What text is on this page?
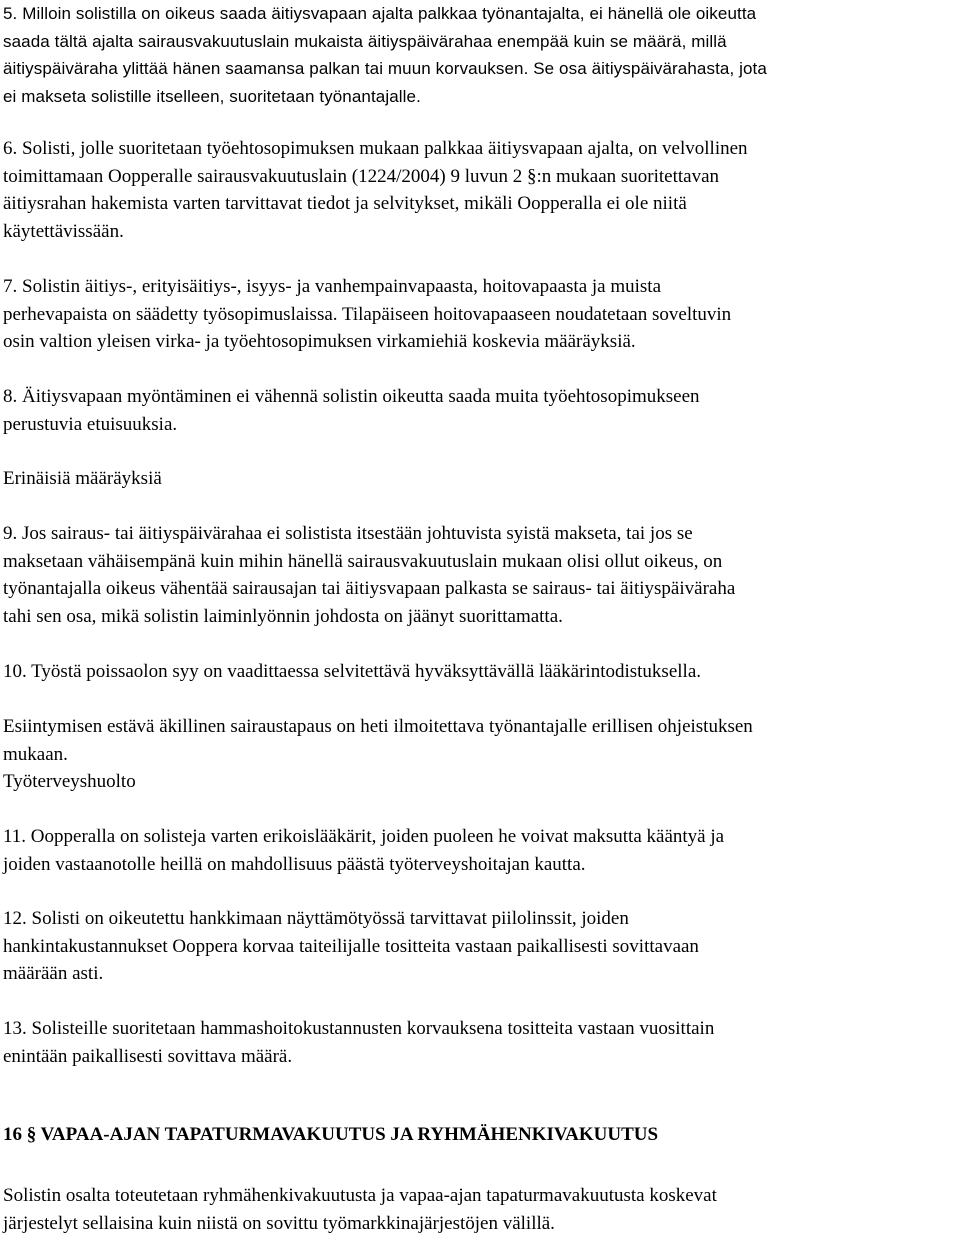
5. Milloin solistilla on oikeus saada äitiysvapaan ajalta palkkaa työnantajalta, ei hänellä ole oikeutta
saada tältä ajalta sairausvakuutuslain mukaista äitiyspäivärahaa enempää kuin se määrä, millä
äitiyspäiväraha ylittää hänen saamansa palkan tai muun korvauksen. Se osa äitiyspäivärahasta, jota
ei makseta solistille itselleen, suoritetaan työnantajalle.

6. Solisti, jolle suoritetaan työehtosopimuksen mukaan palkkaa äitiysvapaan ajalta, on velvollinen
toimittamaan Oopperalle sairausvakuutuslain (1224/2004) 9 luvun 2 §:n mukaan suoritettavan
äitiysrahan hakemista varten tarvittavat tiedot ja selvitykset, mikäli Oopperalla ei ole niitä
käytettävissään.

7. Solistin äitiys-, erityisäitiys-, isyys- ja vanhempainvapaasta, hoitovapaasta ja muista
perhevapaista on säädetty työsopimuslaissa. Tilapäiseen hoitovapaaseen noudatetaan soveltuvin
osin valtion yleisen virka- ja työehtosopimuksen virkamiehiä koskevia määräyksiä.

8. Äitiysvapaan myöntäminen ei vähennä solistin oikeutta saada muita työehtosopimukseen
perustuvia etuisuuksia.

Erinäisiä määräyksiä

9. Jos sairaus- tai äitiyspäivärahaa ei solistista itsestään johtuvista syistä makseta, tai jos se
maksetaan vähäisempänä kuin mihin hänellä sairausvakuutuslain mukaan olisi ollut oikeus, on
työnantajalla oikeus vähentää sairausajan tai äitiysvapaan palkasta se sairaus- tai äitiyspäiväraha
tahi sen osa, mikä solistin laiminlyönnin johdosta on jäänyt suorittamatta.

10. Työstä poissaolon syy on vaadittaessa selvitettävä hyväksyttävällä lääkärintodistuksella.

Esiintymisen estävä äkillinen sairaustapaus on heti ilmoitettava työnantajalle erillisen ohjeistuksen
mukaan.

Työterveyshuolto

11. Oopperalla on solisteja varten erikoislääkärit, joiden puoleen he voivat maksutta kääntyä ja
joiden vastaanotolle heillä on mahdollisuus päästä työterveyshoitajan kautta.

12. Solisti on oikeutettu hankkimaan näyttämötyössä tarvittavat piilolinssit, joiden
hankintakustannukset Ooppera korvaa taiteilijalle tositteita vastaan paikallisesti sovittavaan
määrään asti.

13. Solisteille suoritetaan hammashoitokustannusten korvauksena tositteita vastaan vuosittain
enintään paikallisesti sovittava määrä.

16 § VAPAA-AJAN TAPATURMAVAKUUTUS JA RYHMÄHENKIVAKUUTUS

Solistin osalta toteutetaan ryhmähenkivakuutusta ja vapaa-ajan tapaturmavakuutusta koskevat
järjestelyt sellaisina kuin niistä on sovittu työmarkkinajärjestöjen välillä.
